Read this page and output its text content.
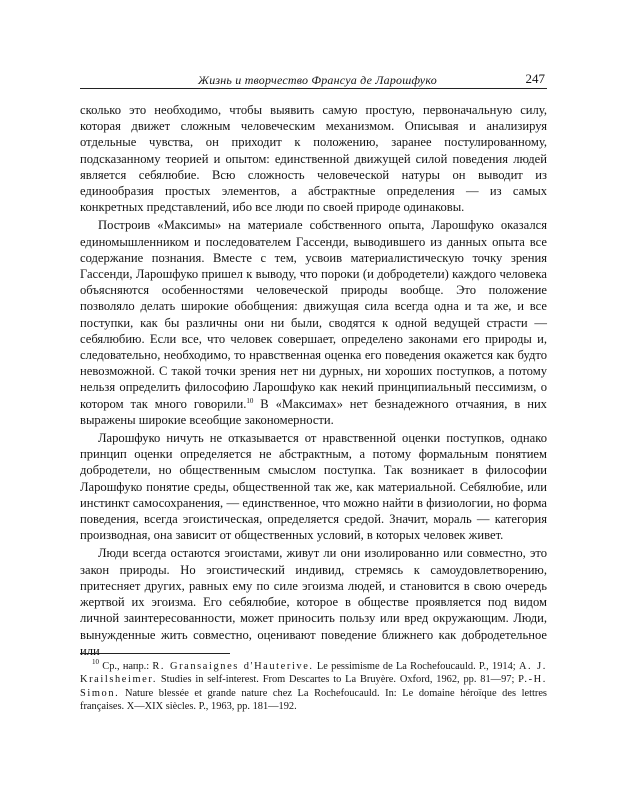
Жизнь и творчество Франсуа де Ларошфуко	247

сколько это необходимо, чтобы выявить самую простую, первоначальную силу, которая движет сложным человеческим механизмом. Описывая и анализируя отдельные чувства, он приходит к положению, заранее постулированному, подсказанному теорией и опытом: единственной движущей силой поведения людей является себялюбие. Всю сложность человеческой натуры он выводит из единообразия простых элементов, а абстрактные определения — из самых конкретных представлений, ибо все люди по своей природе одинаковы.

Построив «Максимы» на материале собственного опыта, Ларошфуко оказался единомышленником и последователем Гассенди, выводившего из данных опыта все содержание познания. Вместе с тем, усвоив материалистическую точку зрения Гассенди, Ларошфуко пришел к выводу, что пороки (и добродетели) каждого человека объясняются особенностями человеческой природы вообще. Это положение позволяло делать широкие обобщения: движущая сила всегда одна и та же, и все поступки, как бы различны они ни были, сводятся к одной ведущей страсти — себялюбию. Если все, что человек совершает, определено законами его природы и, следовательно, необходимо, то нравственная оценка его поведения окажется как будто невозможной. С такой точки зрения нет ни дурных, ни хороших поступков, а потому нельзя определить философию Ларошфуко как некий принципиальный пессимизм, о котором так много говорили.$^{10}$ В «Максимах» нет безнадежного отчаяния, в них выражены широкие всеобщие закономерности.

Ларошфуко ничуть не отказывается от нравственной оценки поступков, однако принцип оценки определяется не абстрактным, а потому формальным понятием добродетели, но общественным смыслом поступка. Так возникает в философии Ларошфуко понятие среды, общественной так же, как материальной. Себялюбие, или инстинкт самосохранения, — единственное, что можно найти в физиологии, но форма поведения, всегда эгоистическая, определяется средой. Значит, мораль — категория производная, она зависит от общественных условий, в которых человек живет.

Люди всегда остаются эгоистами, живут ли они изолированно или совместно, это закон природы. Но эгоистический индивид, стремясь к самоудовлетворению, притесняет других, равных ему по силе эгоизма людей, и становится в свою очередь жертвой их эгоизма. Его себялюбие, которое в обществе проявляется под видом личной заинтересованности, может приносить пользу или вред окружающим. Люди, вынужденные жить совместно, оценивают поведение ближнего как добродетельное или

$^{10}$ Ср., напр.: R. Gransaignes d'Hauterive. Le pessimisme de La Rochefoucauld. P., 1914; A. J. Krailsheimer. Studies in self-interest. From Descartes to La Bruyère. Oxford, 1962, pp. 81—97; P.-H. Simon. Nature blessée et grande nature chez La Rochefoucauld. In: Le domaine héroïque des lettres françaises. X—XIX siècles. P., 1963, pp. 181—192.
